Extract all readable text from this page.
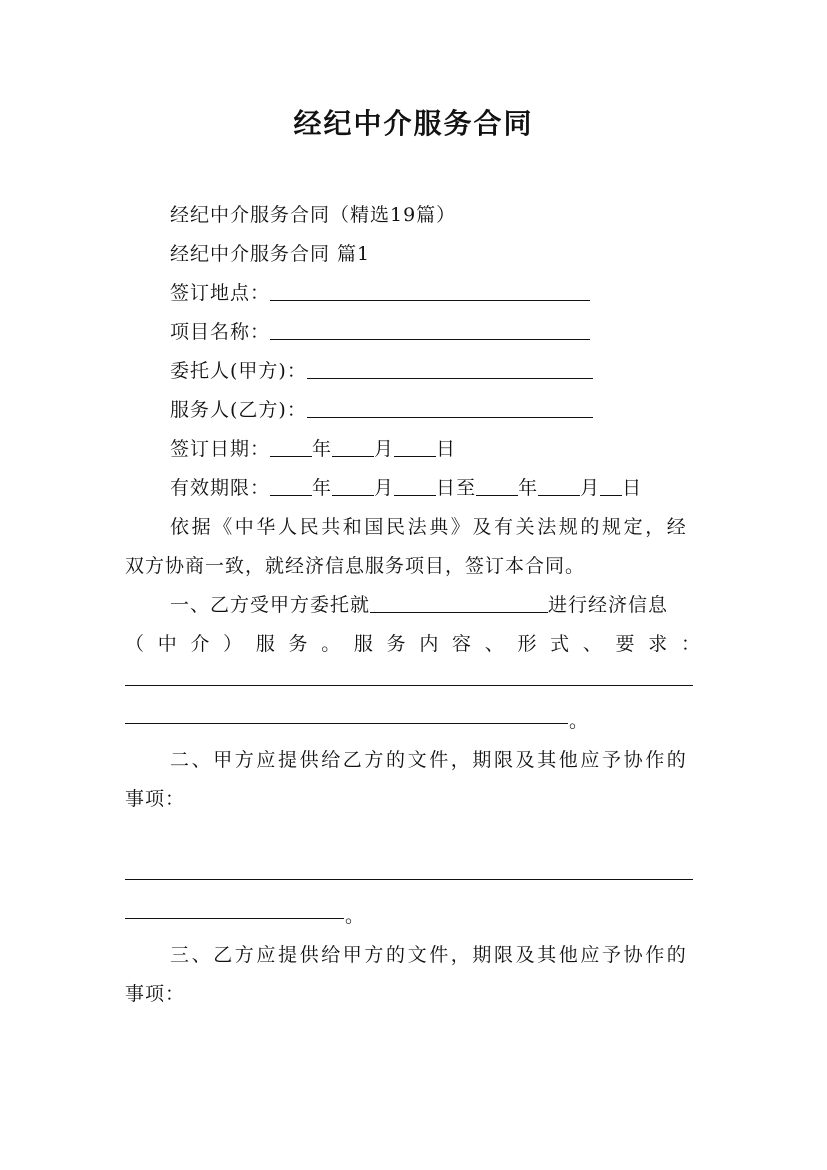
经纪中介服务合同
经纪中介服务合同（精选19篇）
经纪中介服务合同 篇1
签订地点：
项目名称：
委托人(甲方)：
服务人(乙方)：
签订日期： 年 月 日
有效期限： 年 月 日至 年 月 日
依据《中华人民共和国民法典》及有关法规的规定，经
双方协商一致，就经济信息服务项目，签订本合同。
一、乙方受甲方委托就	进行经济信息
（ 中 介 ） 服 务 。 服 务 内 容 、 形 式 、 要 求 ：
。
二、甲方应提供给乙方的文件，期限及其他应予协作的
事项：
。
三、乙方应提供给甲方的文件，期限及其他应予协作的
事项：
